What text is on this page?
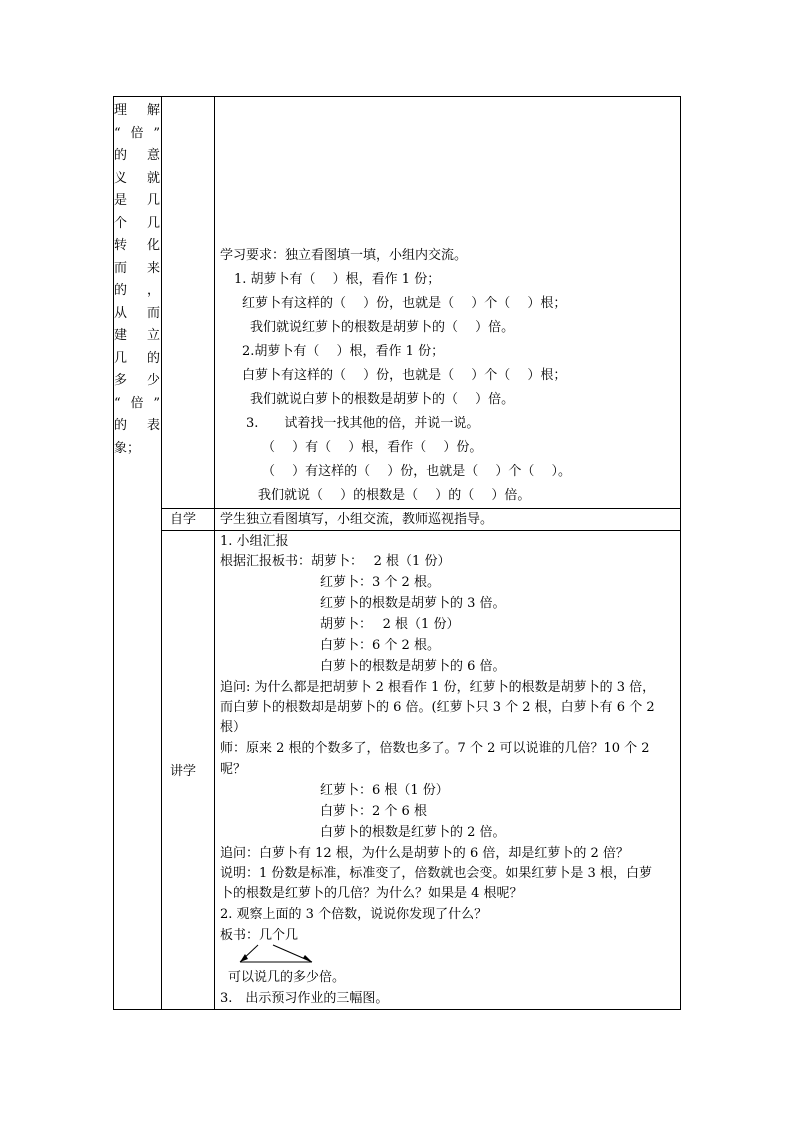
理 解
“倍”
的 意
义 就
是 几
个 几
转 化
而 来
的 ，
从 而
建 立
几 的
多 少
“倍”
的 表
象；
学习要求：独立看图填一填，小组内交流。
1. 胡萝卜有（　 ）根，看作 1 份；
红萝卜有这样的（　 ）份，也就是（　 ）个（　 ）根；
我们就说红萝卜的根数是胡萝卜的（　 ）倍。
2.胡萝卜有（　 ）根，看作 1 份；
白萝卜有这样的（　 ）份，也就是（　 ）个（　 ）根；
我们就说白萝卜的根数是胡萝卜的（　 ）倍。
3.　　试着找一找其他的倍，并说一说。
（　 ）有（　 ）根，看作（　 ）份。
（　 ）有这样的（　 ）份，也就是（　 ）个（　 ）。
我们就说（　 ）的根数是（　 ）的（　 ）倍。
自学 学生独立看图填写，小组交流，教师巡视指导。
讲学
1. 小组汇报
根据汇报板书：胡萝卜：　 2 根（1 份）
红萝卜：3 个 2 根。
红萝卜的根数是胡萝卜的 3 倍。
胡萝卜：　 2 根（1 份）
白萝卜：6 个 2 根。
白萝卜的根数是胡萝卜的 6 倍。
追问: 为什么都是把胡萝卜 2 根看作 1 份，红萝卜的根数是胡萝卜的 3 倍，
而白萝卜的根数却是胡萝卜的 6 倍。(红萝卜只 3 个 2 根，白萝卜有 6 个 2
根）
师：原来 2 根的个数多了，倍数也多了。7 个 2 可以说谁的几倍？10 个 2
呢？
红萝卜：6 根（1 份）
白萝卜：2 个 6 根
白萝卜的根数是红萝卜的 2 倍。
追问：白萝卜有 12 根，为什么是胡萝卜的 6 倍，却是红萝卜的 2 倍？
说明：1 份数是标准，标准变了，倍数就也会变。如果红萝卜是 3 根，白萝
卜的根数是红萝卜的几倍？为什么？如果是 4 根呢？
2. 观察上面的 3 个倍数，说说你发现了什么？
板书：几个几
可以说几的多少倍。
3.　出示预习作业的三幅图。
